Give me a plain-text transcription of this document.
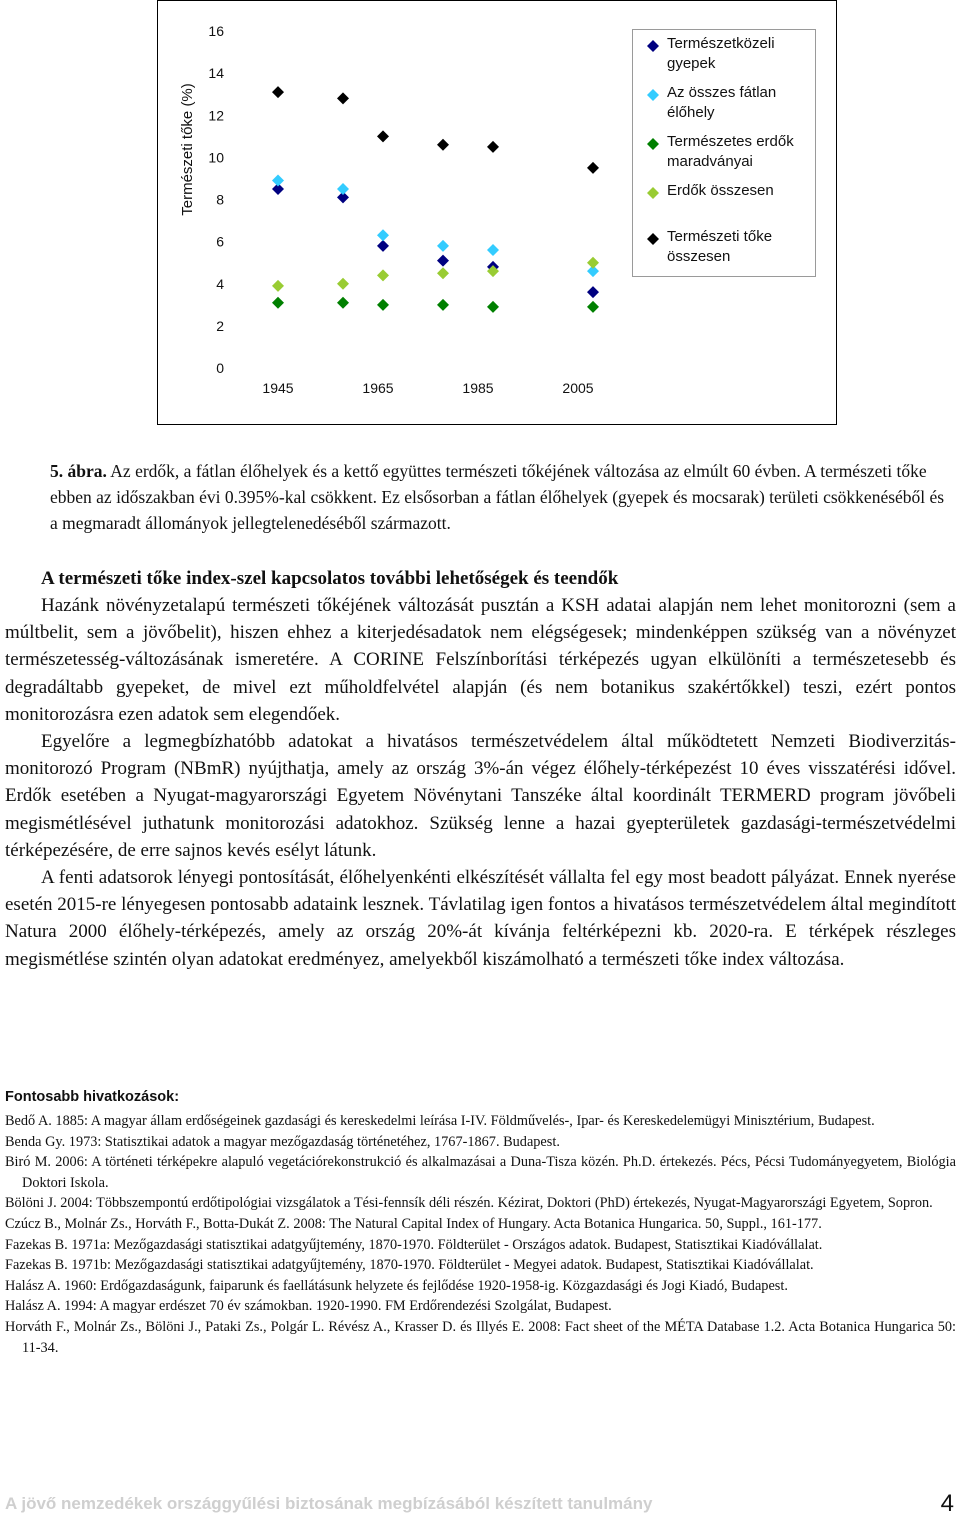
0
2
4
6
8
10
12
14
16
1945	1965	1985	2005
Természeti tőke (%)
Természetközeli gyepek
Az összes fátlan élőhely
Természetes erdők maradványai
Erdők összesen
Természeti tőke összesen
5. ábra. Az erdők, a fátlan élőhelyek és a kettő együttes természeti tőkéjének változása az elmúlt 60 évben. A természeti tőke ebben az időszakban évi 0.395%-kal csökkent. Ez elsősorban a fátlan élőhelyek (gyepek és mocsarak) területi csökkenéséből és a megmaradt állományok jellegtelenedéséből származott.
A természeti tőke index-szel kapcsolatos további lehetőségek és teendők

Hazánk növényzetalapú természeti tőkéjének változását pusztán a KSH adatai alapján nem lehet monitorozni (sem a múltbelit, sem a jövőbelit), hiszen ehhez a kiterjedésadatok nem elégségesek; mindenképpen szükség van a növényzet természetesség-változásának ismeretére. A CORINE Felszínborítási térképezés ugyan elkülöníti a természetesebb és degradáltabb gyepeket, de mivel ezt műholdfelvétel alapján (és nem botanikus szakértőkkel) teszi, ezért pontos monitorozásra ezen adatok sem elegendőek.

Egyelőre a legmegbízhatóbb adatokat a hivatásos természetvédelem által működtetett Nemzeti Biodiverzitás-monitorozó Program (NBmR) nyújthatja, amely az ország 3%-án végez élőhely-térképezést 10 éves visszatérési idővel. Erdők esetében a Nyugat-magyarországi Egyetem Növénytani Tanszéke által koordinált TERMERD program jövőbeli megismétlésével juthatunk monitorozási adatokhoz. Szükség lenne a hazai gyepterületek gazdasági-természetvédelmi térképezésére, de erre sajnos kevés esélyt látunk.

A fenti adatsorok lényegi pontosítását, élőhelyenkénti elkészítését vállalta fel egy most beadott pályázat. Ennek nyerése esetén 2015-re lényegesen pontosabb adataink lesznek. Távlatilag igen fontos a hivatásos természetvédelem által megindított Natura 2000 élőhely-térképezés, amely az ország 20%-át kívánja feltérképezni kb. 2020-ra. E térképek részleges megismétlése szintén olyan adatokat eredményez, amelyekből kiszámolható a természeti tőke index változása.

Fontosabb hivatkozások:
Bedő A. 1885: A magyar állam erdőségeinek gazdasági és kereskedelmi leírása I-IV. Földművelés-, Ipar- és Kereskedelemügyi Minisztérium, Budapest.
Benda Gy. 1973: Statisztikai adatok a magyar mezőgazdaság történetéhez, 1767-1867. Budapest.
Biró M. 2006: A történeti térképekre alapuló vegetációrekonstrukció és alkalmazásai a Duna-Tisza közén. Ph.D. értekezés. Pécs, Pécsi Tudományegyetem, Biológia Doktori Iskola.
Bölöni J. 2004: Többszempontú erdőtipológiai vizsgálatok a Tési-fennsík déli részén. Kézirat, Doktori (PhD) értekezés, Nyugat-Magyarországi Egyetem, Sopron.
Czúcz B., Molnár Zs., Horváth F., Botta-Dukát Z. 2008: The Natural Capital Index of Hungary. Acta Botanica Hungarica. 50, Suppl., 161-177.
Fazekas B. 1971a: Mezőgazdasági statisztikai adatgyűjtemény, 1870-1970. Földterület - Országos adatok. Budapest, Statisztikai Kiadóvállalat.
Fazekas B. 1971b: Mezőgazdasági statisztikai adatgyűjtemény, 1870-1970. Földterület - Megyei adatok. Budapest, Statisztikai Kiadóvállalat.
Halász A. 1960: Erdőgazdaságunk, faiparunk és faellátásunk helyzete és fejlődése 1920-1958-ig. Közgazdasági és Jogi Kiadó, Budapest.
Halász A. 1994: A magyar erdészet 70 év számokban. 1920-1990. FM Erdőrendezési Szolgálat, Budapest.
Horváth F., Molnár Zs., Bölöni J., Pataki Zs., Polgár L. Révész A., Krasser D. és Illyés E. 2008: Fact sheet of the MÉTA Database 1.2. Acta Botanica Hungarica 50: 11-34.
A jövő nemzedékek országgyűlési biztosának megbízásából készített tanulmány	4
